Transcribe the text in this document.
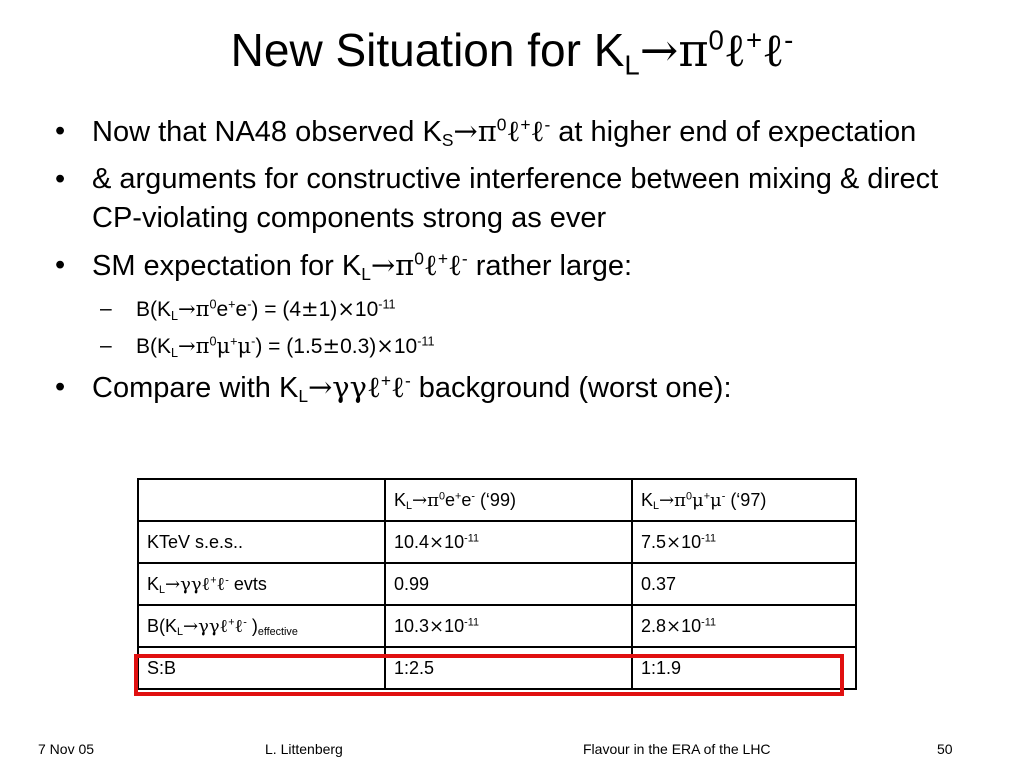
New Situation for $K_L\to\pi^0\ell^+\ell^-$
• Now that NA48 observed $K_S\to\pi^0\ell^+\ell^-$ at higher end of expectation
• & arguments for constructive interference between mixing & direct CP-violating components strong as ever
• SM expectation for $K_L\to\pi^0\ell^+\ell^-$ rather large:
– $B(K_L\to\pi^0e^+e^-) = (4\pm 1)\times 10^{-11}$
– $B(K_L\to\pi^0\mu^+\mu^-) = (1.5\pm 0.3)\times 10^{-11}$
• Compare with $K_L\to\gamma\gamma\ell^+\ell^-$ background (worst one):
	$K_L\to\pi^0e^+e^-$ (‘99)	$K_L\to\pi^0\mu^+\mu^-$ (‘97)
KTeV s.e.s..	$10.4\times 10^{-11}$	$7.5\times 10^{-11}$
$K_L\to\gamma\gamma\ell^+\ell^-$ evts	0.99	0.37
$B(K_L\to\gamma\gamma\ell^+\ell^-$ )$_{effective}$	$10.3\times 10^{-11}$	$2.8\times 10^{-11}$
S:B	1:2.5	1:1.9
7 Nov 05	L. Littenberg	Flavour in the ERA of the LHC	50
